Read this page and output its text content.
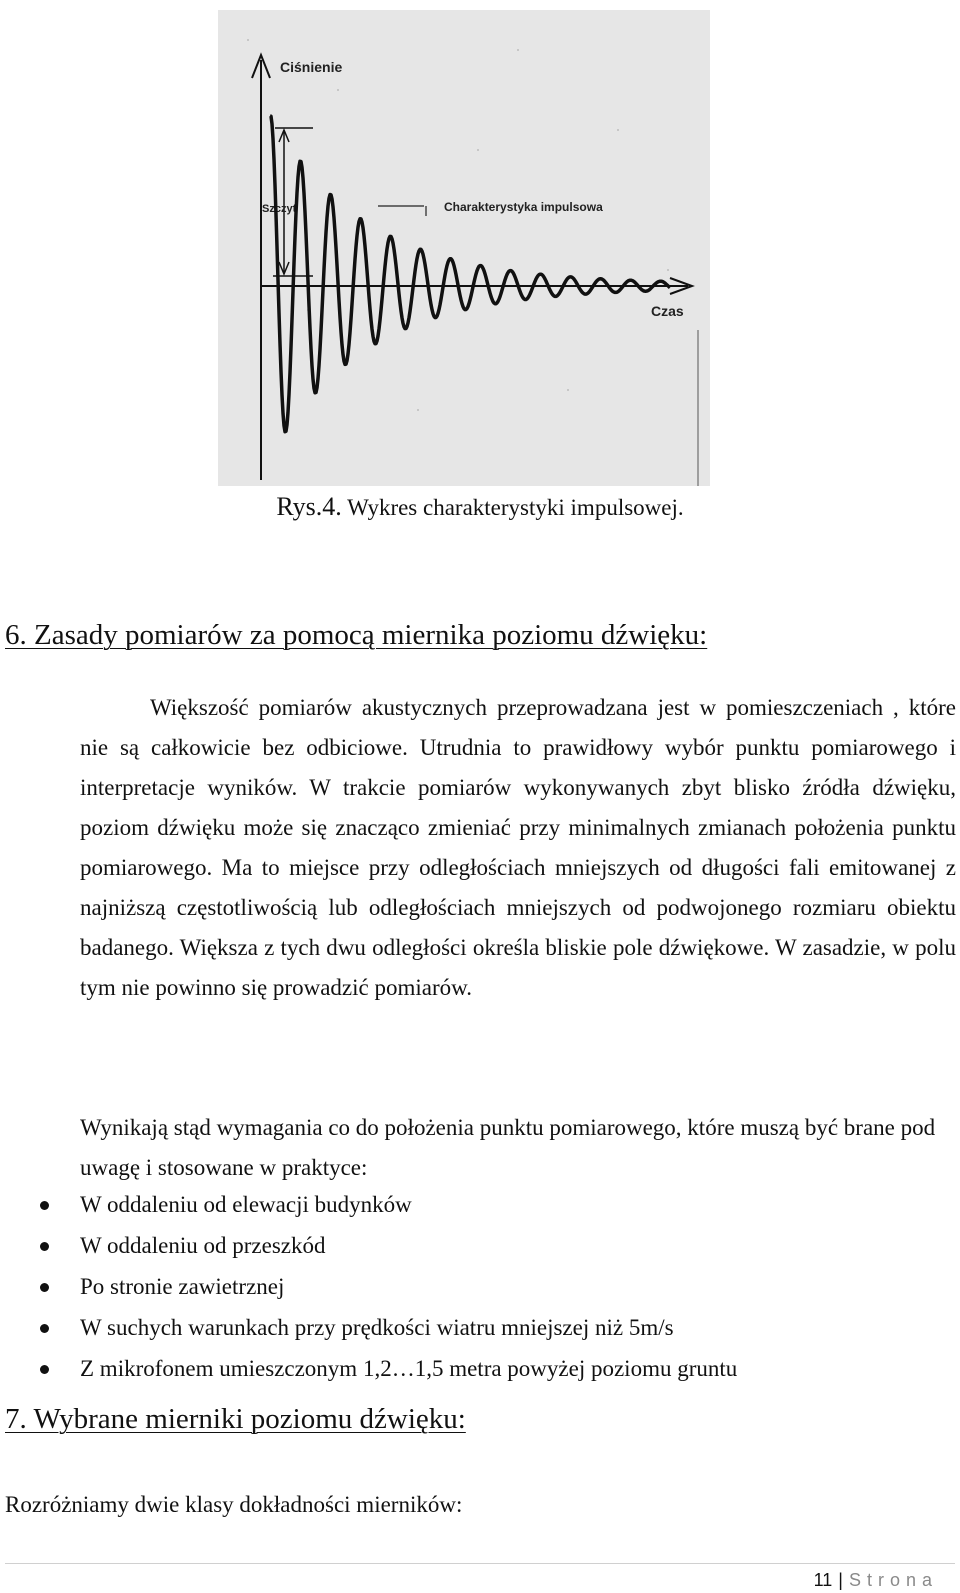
Ciśnienie
Czas
Szczyt	Charakterystyka impulsowa
Rys.4. Wykres charakterystyki impulsowej.
6. Zasady pomiarów za pomocą miernika poziomu dźwięku:

Większość pomiarów akustycznych przeprowadzana jest w pomieszczeniach , które nie są całkowicie bez odbiciowe. Utrudnia to prawidłowy wybór punktu pomiarowego i interpretacje wyników. W trakcie pomiarów wykonywanych zbyt blisko źródła dźwięku, poziom dźwięku może się znacząco zmieniać przy minimalnych zmianach położenia punktu pomiarowego. Ma to miejsce przy odległościach mniejszych od długości fali emitowanej z najniższą częstotliwością lub odległościach mniejszych od podwojonego rozmiaru obiektu badanego. Większa z tych dwu odległości określa bliskie pole dźwiękowe. W zasadzie, w polu tym nie powinno się prowadzić pomiarów.

Wynikają stąd wymagania co do położenia punktu pomiarowego, które muszą być brane pod uwagę i stosowane w praktyce:

W oddaleniu od elewacji budynków
W oddaleniu od przeszkód
Po stronie zawietrznej
W suchych warunkach przy prędkości wiatru mniejszej niż 5m/s
Z mikrofonem umieszczonym 1,2…1,5 metra powyżej poziomu gruntu
7. Wybrane mierniki poziomu dźwięku:
Rozróżniamy dwie klasy dokładności mierników:
11 | Strona
